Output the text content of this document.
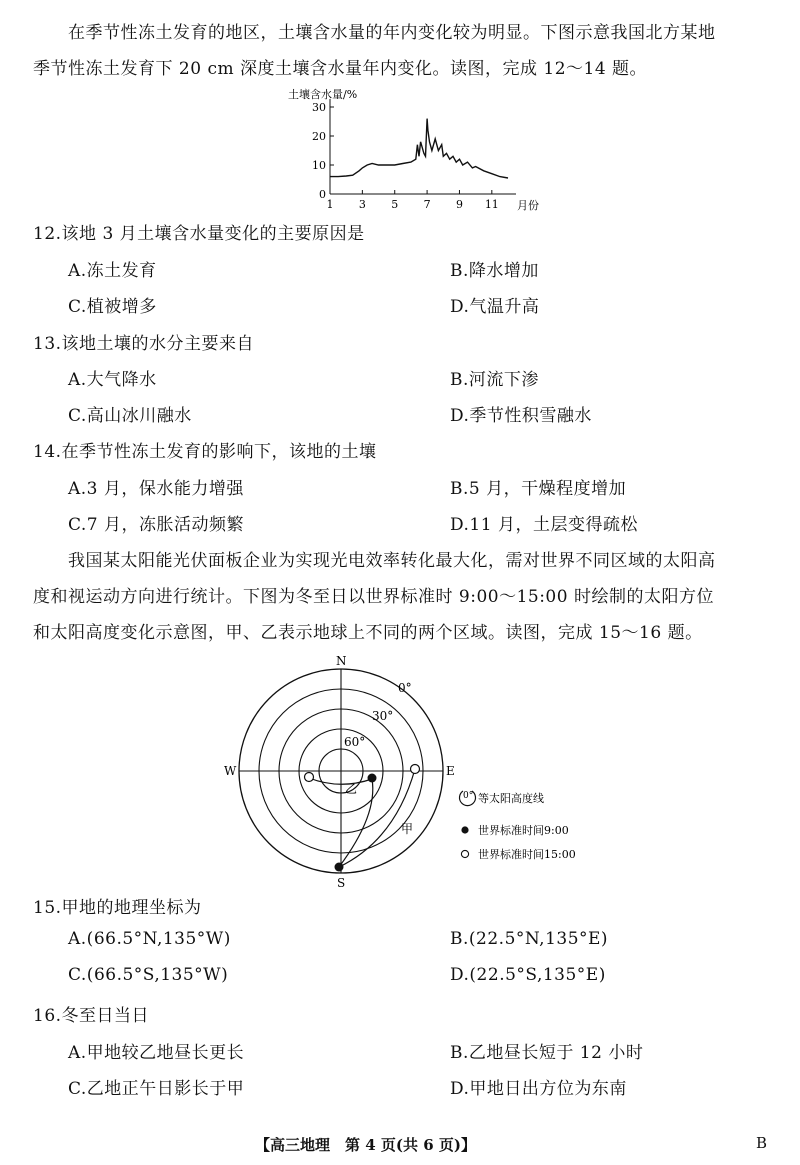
在季节性冻土发育的地区，土壤含水量的年内变化较为明显。下图示意我国北方某地
季节性冻土发育下 20 cm 深度土壤含水量年内变化。读图，完成 12～14 题。
土壤含水量/%
0
10
20
30
1 3 5 7 9 11 月份
12.该地 3 月土壤含水量变化的主要原因是
A.冻土发育	B.降水增加
C.植被增多	D.气温升高
13.该地土壤的水分主要来自
A.大气降水	B.河流下渗
C.高山冰川融水	D.季节性积雪融水
14.在季节性冻土发育的影响下，该地的土壤
A.3 月，保水能力增强	B.5 月，干燥程度增加
C.7 月，冻胀活动频繁	D.11 月，土层变得疏松
我国某太阳能光伏面板企业为实现光电效率转化最大化，需对世界不同区域的太阳高
度和视运动方向进行统计。下图为冬至日以世界标准时 9:00～15:00 时绘制的太阳方位
和太阳高度变化示意图，甲、乙表示地球上不同的两个区域。读图，完成 15～16 题。
N
S
E
W
0°
30°
60°
乙
甲
0° 等太阳高度线
世界标准时间9:00
世界标准时间15:00
15.甲地的地理坐标为
A.(66.5°N,135°W)	B.(22.5°N,135°E)
C.(66.5°S,135°W)	D.(22.5°S,135°E)
16.冬至日当日
A.甲地较乙地昼长更长	B.乙地昼长短于 12 小时
C.乙地正午日影长于甲	D.甲地日出方位为东南
【高三地理　第 4 页(共 6 页)】	B
